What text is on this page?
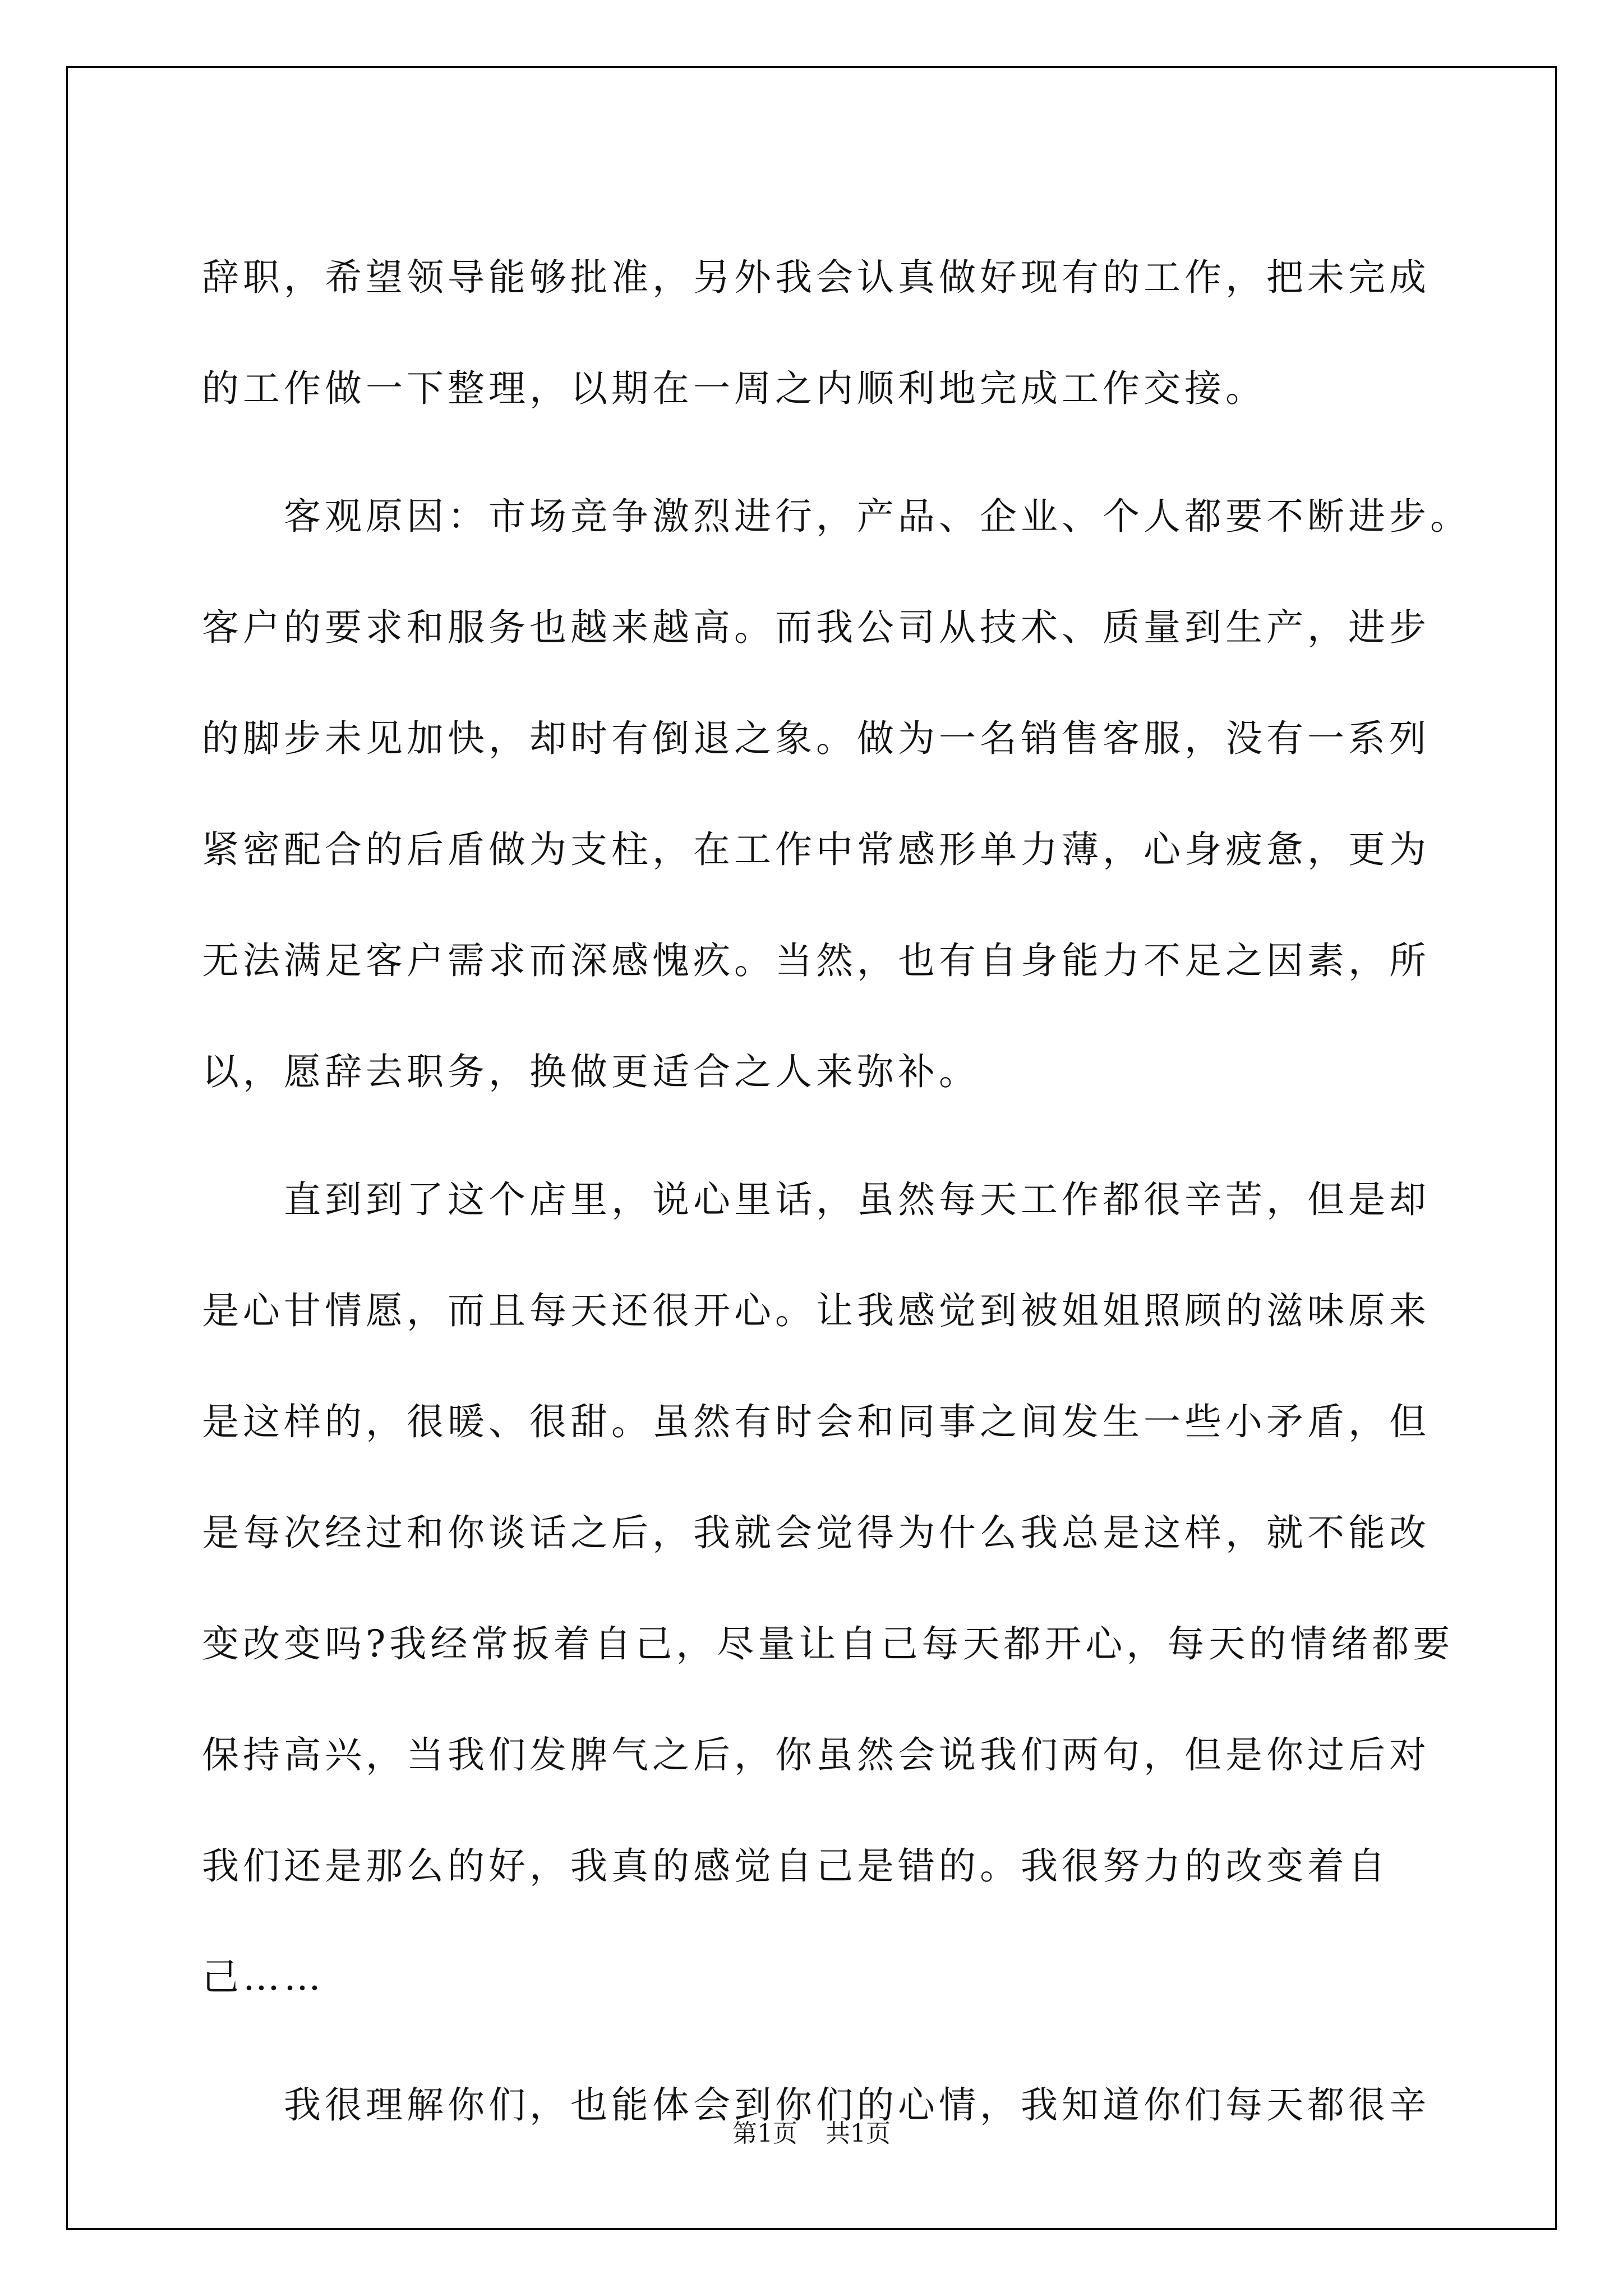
辞职，希望领导能够批准，另外我会认真做好现有的工作，把未完成
的工作做一下整理，以期在一周之内顺利地完成工作交接。
　　客观原因：市场竞争激烈进行，产品、企业、个人都要不断进步。
客户的要求和服务也越来越高。而我公司从技术、质量到生产，进步
的脚步未见加快，却时有倒退之象。做为一名销售客服，没有一系列
紧密配合的后盾做为支柱，在工作中常感形单力薄，心身疲惫，更为
无法满足客户需求而深感愧疚。当然，也有自身能力不足之因素，所
以，愿辞去职务，换做更适合之人来弥补。
　　直到到了这个店里，说心里话，虽然每天工作都很辛苦，但是却
是心甘情愿，而且每天还很开心。让我感觉到被姐姐照顾的滋味原来
是这样的，很暖、很甜。虽然有时会和同事之间发生一些小矛盾，但
是每次经过和你谈话之后，我就会觉得为什么我总是这样，就不能改
变改变吗?我经常扳着自己，尽量让自己每天都开心，每天的情绪都要
保持高兴，当我们发脾气之后，你虽然会说我们两句，但是你过后对
我们还是那么的好，我真的感觉自己是错的。我很努力的改变着自
己……
　　我很理解你们，也能体会到你们的心情，我知道你们每天都很辛
第1页 共1页
